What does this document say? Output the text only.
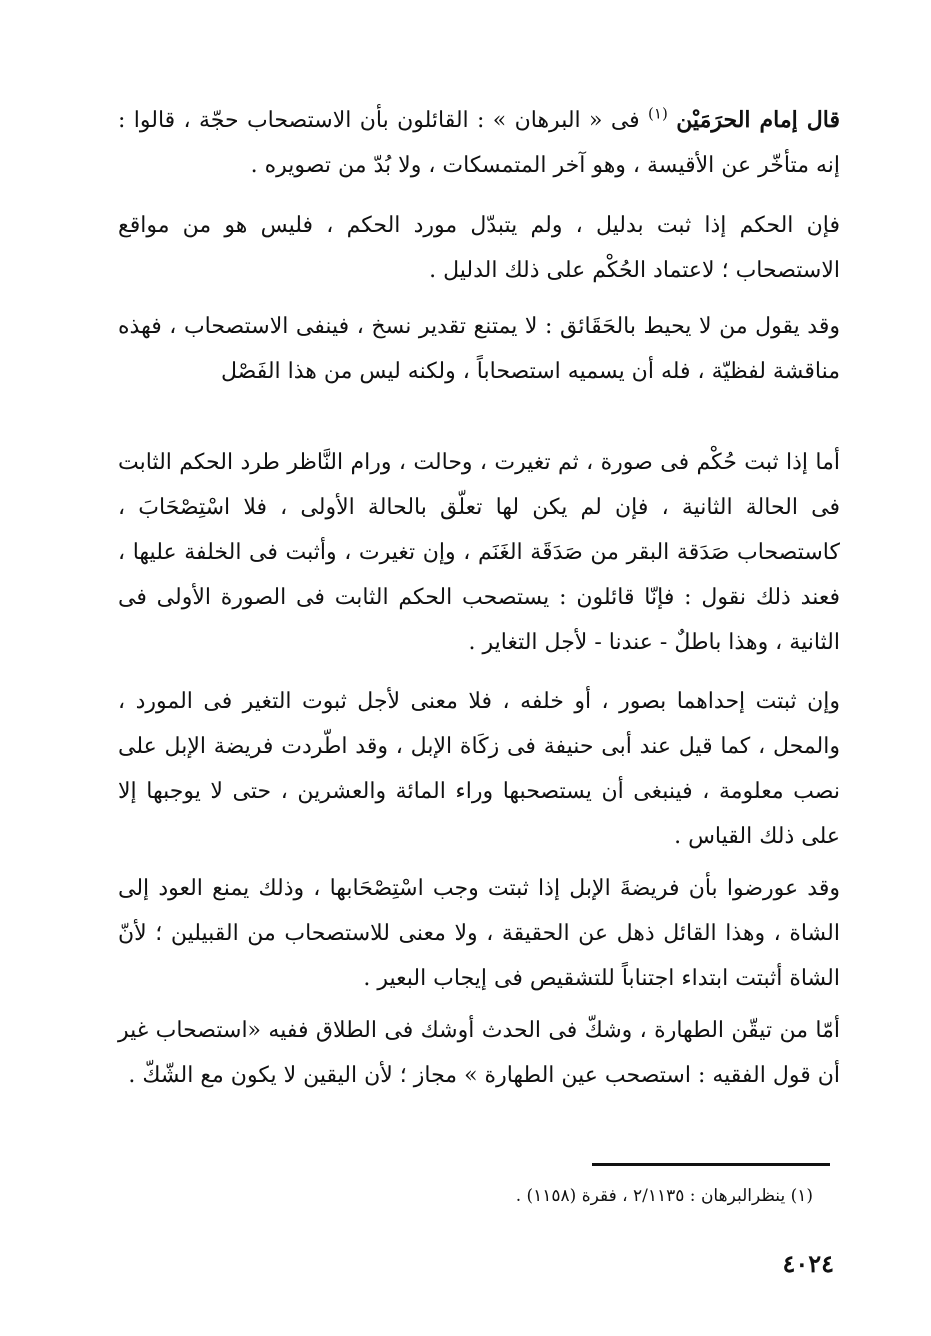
قال إمام الحرَمَيْن $^{(١)}$ فى « البرهان » : القائلون بأن الاستصحاب حجّة ، قالوا : إنه متأخّر عن الأقيسة ، وهو آخر المتمسكات ، ولا بُدّ من تصويره .

فإن الحكم إذا ثبت بدليل ، ولم يتبدّل مورد الحكم ، فليس هو من مواقع الاستصحاب ؛ لاعتماد الحُكْم على ذلك الدليل .

وقد يقول من لا يحيط بالحَقَائق : لا يمتنع تقدير نسخ ، فينفى الاستصحاب ، فهذه مناقشة لفظيّة ، فله أن يسميه استصحاباً ، ولكنه ليس من هذا الفَصْل

أما إذا ثبت حُكْم فى صورة ، ثم تغيرت ، وحالت ، ورام النَّاظر طرد الحكم الثابت فى الحالة الثانية ، فإن لم يكن لها تعلّق بالحالة الأولى ، فلا اسْتِصْحَابَ ، كاستصحاب صَدَقة البقر من صَدَقَة الغَنَم ، وإن تغيرت ، وأثبت فى الخلفة عليها ، فعند ذلك نقول : فإنّا قائلون : يستصحب الحكم الثابت فى الصورة الأولى فى الثانية ، وهذا باطلٌ - عندنا - لأجل التغاير .

وإن ثبتت إحداهما بصور ، أو خلفه ، فلا معنى لأجل ثبوت التغير فى المورد ، والمحل ، كما قيل عند أبى حنيفة فى زكَاة الإبل ، وقد اطّردت فريضة الإبل على نصب معلومة ، فينبغى أن يستصحبها وراء المائة والعشرين ، حتى لا يوجبها إلا على ذلك القياس .

وقد عورضوا بأن فريضةَ الإبل إذا ثبتت وجب اسْتِصْحَابها ، وذلك يمنع العود إلى الشاة ، وهذا القائل ذهل عن الحقيقة ، ولا معنى للاستصحاب من القبيلين ؛ لأنّ الشاة أثبتت ابتداء اجتناباً للتشقيص فى إيجاب البعير .

أمّا من تيقّن الطهارة ، وشكّ فى الحدث أوشك فى الطلاق ففيه «استصحاب غير أن قول الفقيه : استصحب عين الطهارة » مجاز ؛ لأن اليقين لا يكون مع الشّكّ .

(١) ينظرالبرهان : ٢/١١٣٥ ، فقرة (١١٥٨) .
٤٠٢٤
